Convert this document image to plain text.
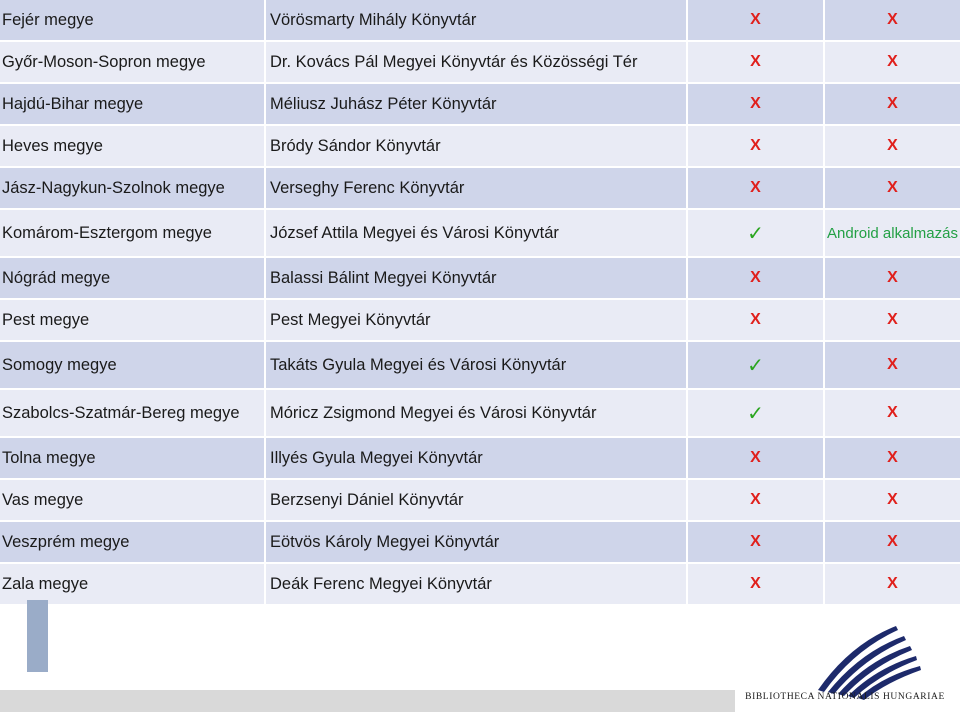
Fejér megye	Vörösmarty Mihály Könyvtár	X	X
Győr-Moson-Sopron megye	Dr. Kovács Pál Megyei Könyvtár és Közösségi Tér	X	X
Hajdú-Bihar megye	Méliusz Juhász Péter Könyvtár	X	X
Heves megye	Bródy Sándor Könyvtár	X	X
Jász-Nagykun-Szolnok megye	Verseghy Ferenc Könyvtár	X	X
Komárom-Esztergom megye	József Attila Megyei és Városi Könyvtár	✓	Android alkalmazás
Nógrád megye	Balassi Bálint Megyei Könyvtár	X	X
Pest megye	Pest Megyei Könyvtár	X	X
Somogy megye	Takáts Gyula Megyei és Városi Könyvtár	✓	X
Szabolcs-Szatmár-Bereg megye	Móricz Zsigmond Megyei és Városi Könyvtár	✓	X
Tolna megye	Illyés Gyula Megyei Könyvtár	X	X
Vas megye	Berzsenyi Dániel Könyvtár	X	X
Veszprém megye	Eötvös Károly Megyei Könyvtár	X	X
Zala megye	Deák Ferenc Megyei Könyvtár	X	X
BIBLIOTHECA NATIONALIS HUNGARIAE
